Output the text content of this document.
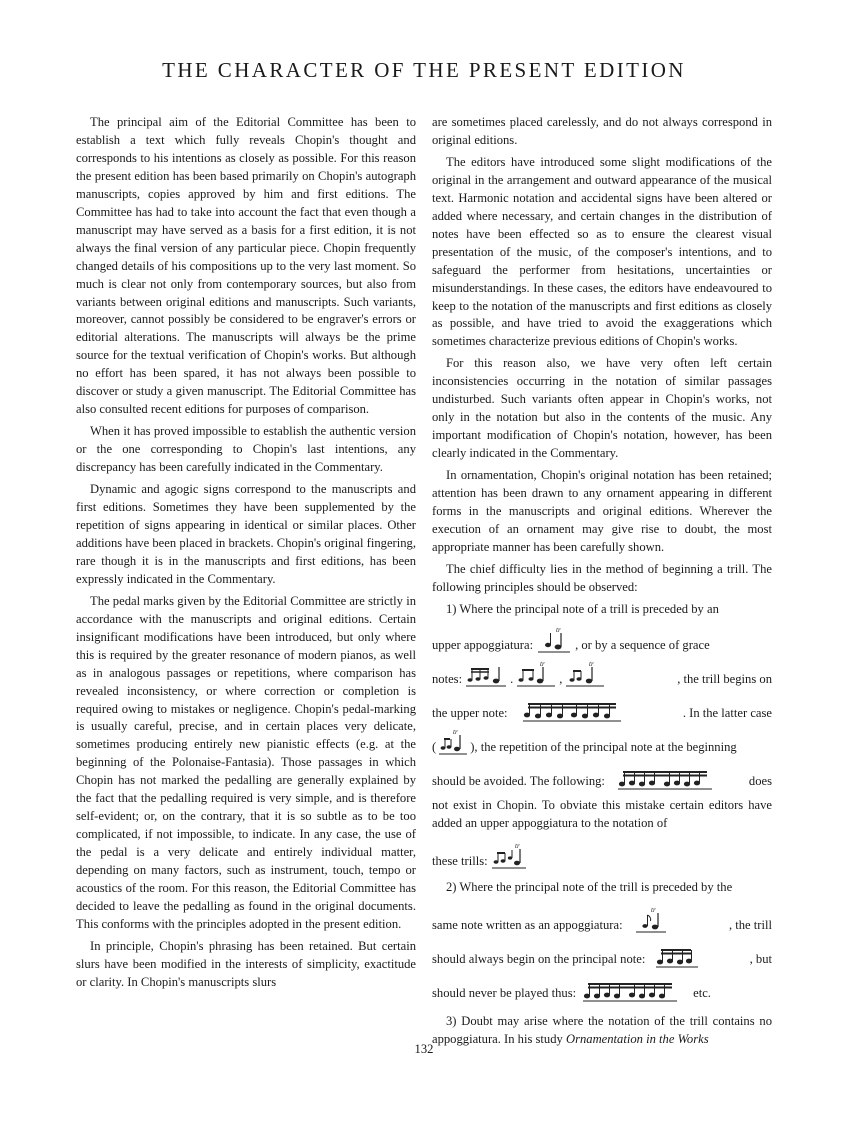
THE CHARACTER OF THE PRESENT EDITION

The principal aim of the Editorial Committee has been to establish a text which fully reveals Chopin's thought and corresponds to his intentions as closely as possible. For this reason the present edition has been based primarily on Chopin's autograph manuscripts, copies approved by him and first editions. The Committee has had to take into account the fact that even though a manuscript may have served as a basis for a first edition, it is not always the final version of any particular piece. Chopin frequently changed details of his compositions up to the very last moment. So much is clear not only from contemporary sources, but also from variants between original editions and manuscripts. Such variants, moreover, cannot possibly be considered to be engraver's errors or editorial alterations. The manuscripts will always be the prime source for the textual verification of Chopin's works. But although no effort has been spared, it has not always been possible to discover or study a given manuscript. The Editorial Committee has also consulted recent editions for purposes of comparison.

When it has proved impossible to establish the authentic version or the one corresponding to Chopin's last intentions, any discrepancy has been carefully indicated in the Commentary.

Dynamic and agogic signs correspond to the manuscripts and first editions. Sometimes they have been supplemented by the repetition of signs appearing in identical or similar places. Other additions have been placed in brackets. Chopin's original fingering, rare though it is in the manuscripts and first editions, has been expressly indicated in the Commentary.

The pedal marks given by the Editorial Committee are strictly in accordance with the manuscripts and original editions. Certain insignificant modifications have been introduced, but only where this is required by the greater resonance of modern pianos, as well as in analogous passages or repetitions, where comparison has revealed inconsistency, or where correction or completion is required owing to mistakes or negligence. Chopin's pedal-marking is usually careful, precise, and in certain places very delicate, sometimes producing entirely new pianistic effects (e.g. at the beginning of the Polonaise-Fantasia). Those passages in which Chopin has not marked the pedalling are generally explained by the fact that the pedalling required is very simple, and is therefore self-evident; or, on the contrary, that it is so subtle as to be too complicated, if not impossible, to indicate. In any case, the use of the pedal is a very delicate and entirely individual matter, depending on many factors, such as instrument, touch, tempo or acoustics of the room. For this reason, the Editorial Committee has decided to leave the pedalling as found in the original documents. This conforms with the principles adopted in the present edition.

In principle, Chopin's phrasing has been retained. But certain slurs have been modified in the interests of simplicity, exactitude or clarity. In Chopin's manuscripts slurs

are sometimes placed carelessly, and do not always correspond in original editions.

The editors have introduced some slight modifications of the original in the arrangement and outward appearance of the musical text. Harmonic notation and accidental signs have been altered or added where necessary, and certain changes in the distribution of notes have been effected so as to ensure the clearest visual presentation of the music, of the composer's intentions, and to safeguard the performer from hesitations, uncertainties or misunderstandings. In these cases, the editors have endeavoured to keep to the notation of the manuscripts and first editions as closely as possible, and have tried to avoid the exaggerations which sometimes characterize previous editions of Chopin's works.

For this reason also, we have very often left certain inconsistencies occurring in the notation of similar passages undisturbed. Such variants often appear in Chopin's works, not only in the notation but also in the contents of the music. Any important modification of Chopin's notation, however, has been clearly indicated in the Commentary.

In ornamentation, Chopin's original notation has been retained; attention has been drawn to any ornament appearing in different forms in the manuscripts and original editions. Wherever the execution of an ornament may give rise to doubt, the most appropriate manner has been carefully shown.

The chief difficulty lies in the method of beginning a trill. The following principles should be observed:

1) Where the principal note of a trill is preceded by an

upper appoggiatura:
tr
, or by a sequence of grace
notes:	.
tr
,
tr
, the trill begins on
the upper note:	. In the latter case
(
tr
), the repetition of the principal note at the beginning
should be avoided. The following:	does

not exist in Chopin. To obviate this mistake certain editors have added an upper appoggiatura to the notation of

these trills:
tr

2) Where the principal note of the trill is preceded by the

same note written as an appoggiatura:
tr
, the trill
should always begin on the principal note:	, but
should never be played thus:	etc.

3) Doubt may arise where the notation of the trill contains no appoggiatura. In his study Ornamentation in the Works

132
